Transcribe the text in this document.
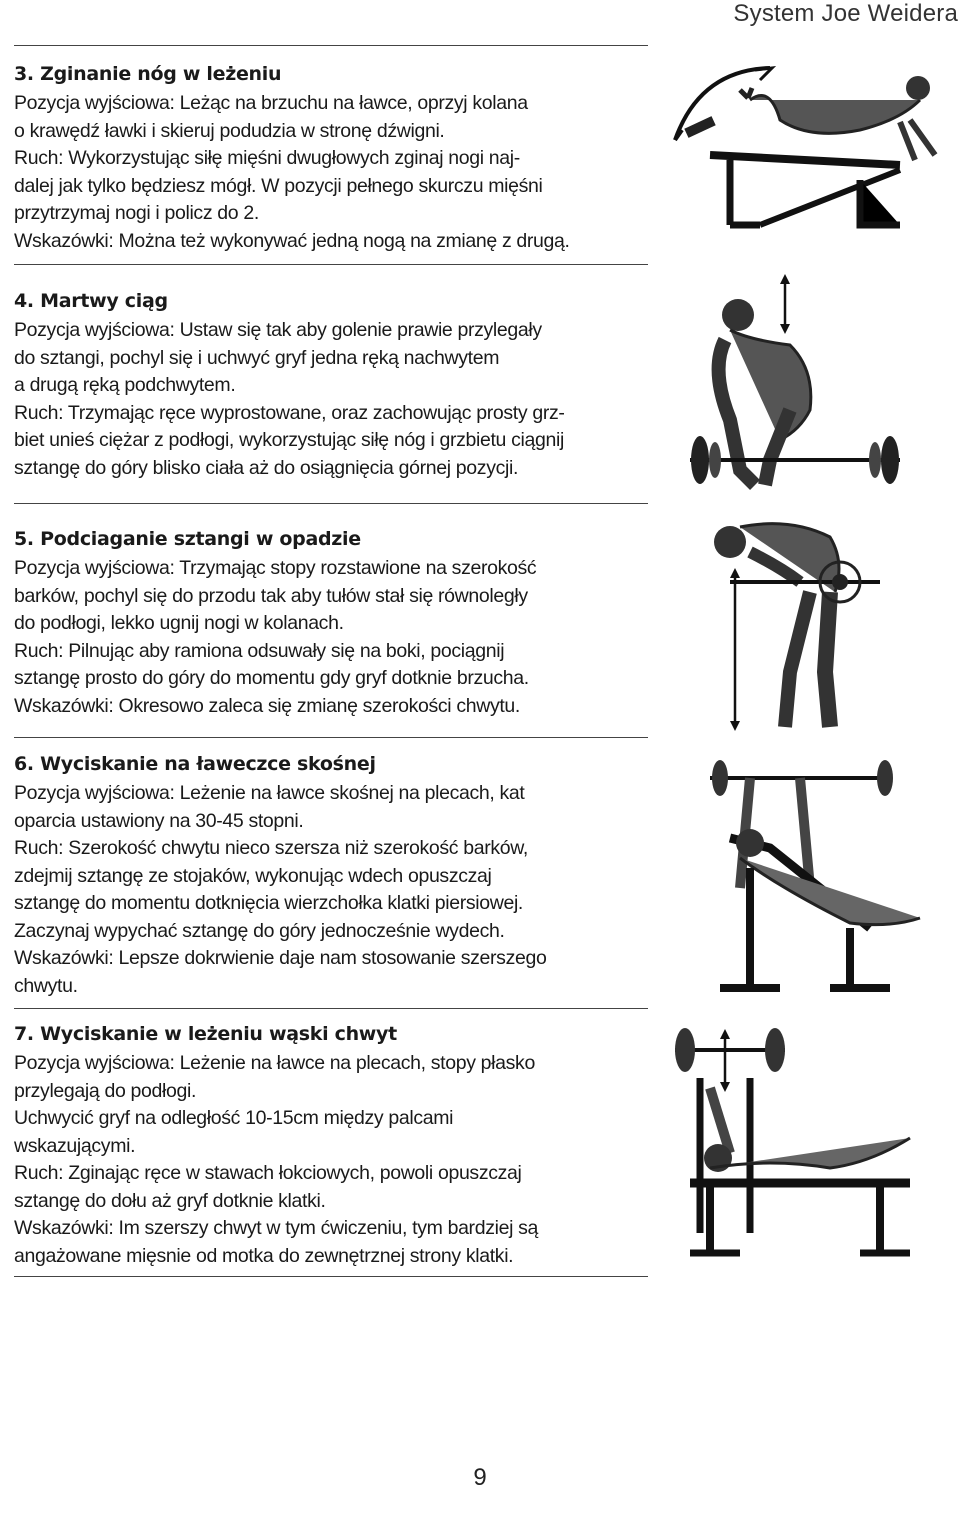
System Joe Weidera
3. Zginanie nóg w leżeniu

Pozycja wyjściowa: Leżąc na brzuchu na ławce, oprzyj kolana

o krawędź ławki i skieruj podudzia w stronę dźwigni.

Ruch: Wykorzystując siłę mięśni dwugłowych zginaj nogi naj-

dalej jak tylko będziesz mógł. W pozycji pełnego skurczu mięśni

przytrzymaj nogi i policz do 2.

Wskazówki: Można też wykonywać jedną nogą na zmianę z drugą.

4. Martwy ciąg

Pozycja wyjściowa: Ustaw się tak aby golenie prawie przylegały

do sztangi, pochyl się i uchwyć gryf jedna ręką nachwytem

a drugą ręką podchwytem.

Ruch: Trzymając ręce wyprostowane, oraz zachowując prosty grz-

biet unieś ciężar z podłogi, wykorzystując siłę nóg i grzbietu ciągnij

sztangę do góry blisko ciała aż do osiągnięcia górnej pozycji.

5. Podciaganie sztangi w opadzie

Pozycja wyjściowa: Trzymając stopy rozstawione na szerokość

barków, pochyl się do przodu tak aby tułów stał się równoległy

do podłogi, lekko ugnij nogi w kolanach.

Ruch: Pilnując aby ramiona odsuwały się na boki, pociągnij

sztangę prosto do góry do momentu gdy gryf dotknie brzucha.

Wskazówki: Okresowo zaleca się zmianę szerokości chwytu.

6. Wyciskanie na ławeczce skośnej

Pozycja wyjściowa: Leżenie na ławce skośnej na plecach, kat

oparcia ustawiony na 30-45 stopni.

Ruch: Szerokość chwytu nieco szersza niż szerokość barków,

zdejmij sztangę ze stojaków, wykonując wdech opuszczaj

sztangę do momentu dotknięcia wierzchołka klatki piersiowej.

Zaczynaj wypychać sztangę do góry jednocześnie wydech.

Wskazówki: Lepsze dokrwienie daje nam stosowanie szerszego

chwytu.

7. Wyciskanie w leżeniu wąski chwyt

Pozycja wyjściowa: Leżenie na ławce na plecach, stopy płasko

przylegają do podłogi.

Uchwycić gryf na odległość 10-15cm między palcami

wskazującymi.

Ruch: Zginając ręce w stawach łokciowych, powoli opuszczaj

sztangę do dołu aż gryf dotknie klatki.

Wskazówki: Im szerszy chwyt w tym ćwiczeniu, tym bardziej są

angażowane mięsnie od motka do zewnętrznej strony klatki.

9
